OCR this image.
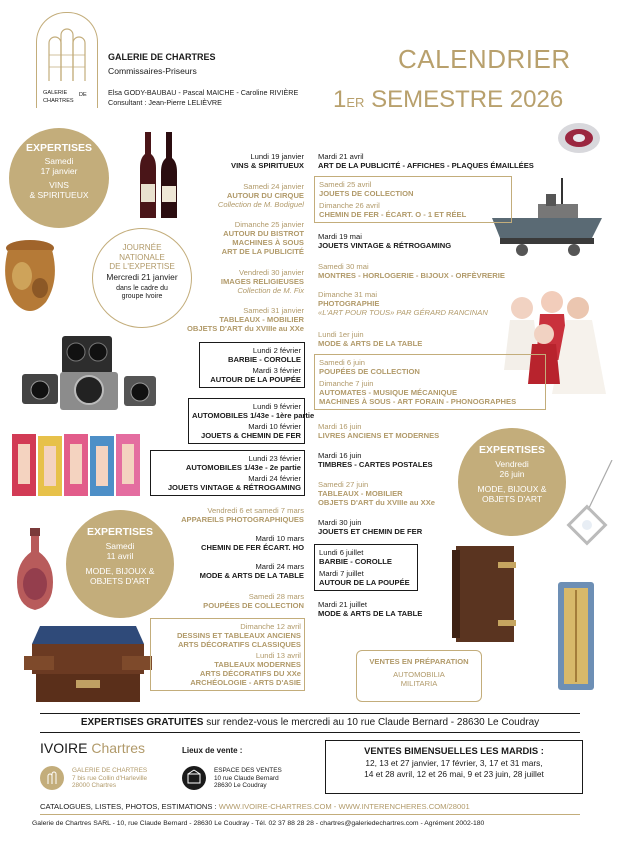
GALERIE DE
CHARTRES
GALERIE DE CHARTRES
Commissaires-Priseurs
Elsa GODY-BAUBAU - Pascal MAICHE - Caroline RIVIÈRE
Consultant : Jean-Pierre LELIÈVRE
CALENDRIER
1ER SEMESTRE 2026
EXPERTISES
Samedi
17 janvier
VINS
& SPIRITUEUX
JOURNÉE
NATIONALE
DE L'EXPERTISE
Mercredi 21 janvier
dans le cadre du
groupe Ivoire
EXPERTISES
Samedi
11 avril
MODE, BIJOUX &
OBJETS D'ART
EXPERTISES
Vendredi
26 juin
MODE, BIJOUX &
OBJETS D'ART
Lundi 19 janvier
VINS & SPIRITUEUX
Samedi 24 janvier
AUTOUR DU CIRQUE
Collection de M. Bodiguel
Dimanche 25 janvier
AUTOUR DU BISTROT
MACHINES À SOUS
ART DE LA PUBLICITÉ
Vendredi 30 janvier
IMAGES RELIGIEUSES
Collection de M. Fix
Samedi 31 janvier
TABLEAUX - MOBILIER
OBJETS D'ART du XVIIIe au XXe
Lundi 2 février
BARBIE - COROLLE
Mardi 3 février
AUTOUR DE LA POUPÉE
Lundi 9 février
AUTOMOBILES 1/43e - 1ère partie
Mardi 10 février
JOUETS & CHEMIN DE FER
Lundi 23 février
AUTOMOBILES 1/43e - 2e partie
Mardi 24 février
JOUETS VINTAGE & RÉTROGAMING
Vendredi 6 et samedi 7 mars
APPAREILS PHOTOGRAPHIQUES
Mardi 10 mars
CHEMIN DE FER ÉCART. HO
Mardi 24 mars
MODE & ARTS DE LA TABLE
Samedi 28 mars
POUPÉES DE COLLECTION
Dimanche 12 avril
DESSINS ET TABLEAUX ANCIENS
ARTS DÉCORATIFS CLASSIQUES
Lundi 13 avril
TABLEAUX MODERNES
ARTS DÉCORATIFS DU XXe
ARCHÉOLOGIE - ARTS D'ASIE
Mardi 21 avril
ART DE LA PUBLICITÉ - AFFICHES - PLAQUES ÉMAILLÉES
Samedi 25 avril
JOUETS DE COLLECTION
Dimanche 26 avril
CHEMIN DE FER - ÉCART. O - 1 ET RÉEL
Mardi 19 mai
JOUETS VINTAGE & RÉTROGAMING
Samedi 30 mai
MONTRES - HORLOGERIE - BIJOUX - ORFÈVRERIE
Dimanche 31 mai
PHOTOGRAPHIE
«L'ART POUR TOUS» PAR GÉRARD RANCINAN
Lundi 1er juin
MODE & ARTS DE LA TABLE
Samedi 6 juin
POUPÉES DE COLLECTION
Dimanche 7 juin
AUTOMATES - MUSIQUE MÉCANIQUE
MACHINES À SOUS - ART FORAIN - PHONOGRAPHES
Mardi 16 juin
LIVRES ANCIENS ET MODERNES
Mardi 16 juin
TIMBRES - CARTES POSTALES
Samedi 27 juin
TABLEAUX - MOBILIER
OBJETS D'ART du XVIIIe au XXe
Mardi 30 juin
JOUETS ET CHEMIN DE FER
Lundi 6 juillet
BARBIE - COROLLE
Mardi 7 juillet
AUTOUR DE LA POUPÉE
Mardi 21 juillet
MODE & ARTS DE LA TABLE
VENTES EN PRÉPARATION
AUTOMOBILIA
MILITARIA
EXPERTISES GRATUITES sur rendez-vous le mercredi au 10 rue Claude Bernard - 28630 Le Coudray
IVOIRE Chartres	Lieux de vente :
GALERIE DE CHARTRES
7 bis rue Collin d'Harleville
28000 Chartres
ESPACE DES VENTES
10 rue Claude Bernard
28630 Le Coudray
VENTES BIMENSUELLES LES MARDIS :
12, 13 et 27 janvier, 17 février, 3, 17 et 31 mars,
14 et 28 avril, 12 et 26 mai, 9 et 23 juin, 28 juillet
CATALOGUES, LISTES, PHOTOS, ESTIMATIONS : WWW.IVOIRE-CHARTRES.COM - WWW.INTERENCHERES.COM/28001
Galerie de Chartres SARL - 10, rue Claude Bernard - 28630 Le Coudray - Tél. 02 37 88 28 28 - chartres@galeriedechartres.com - Agrément 2002-180
